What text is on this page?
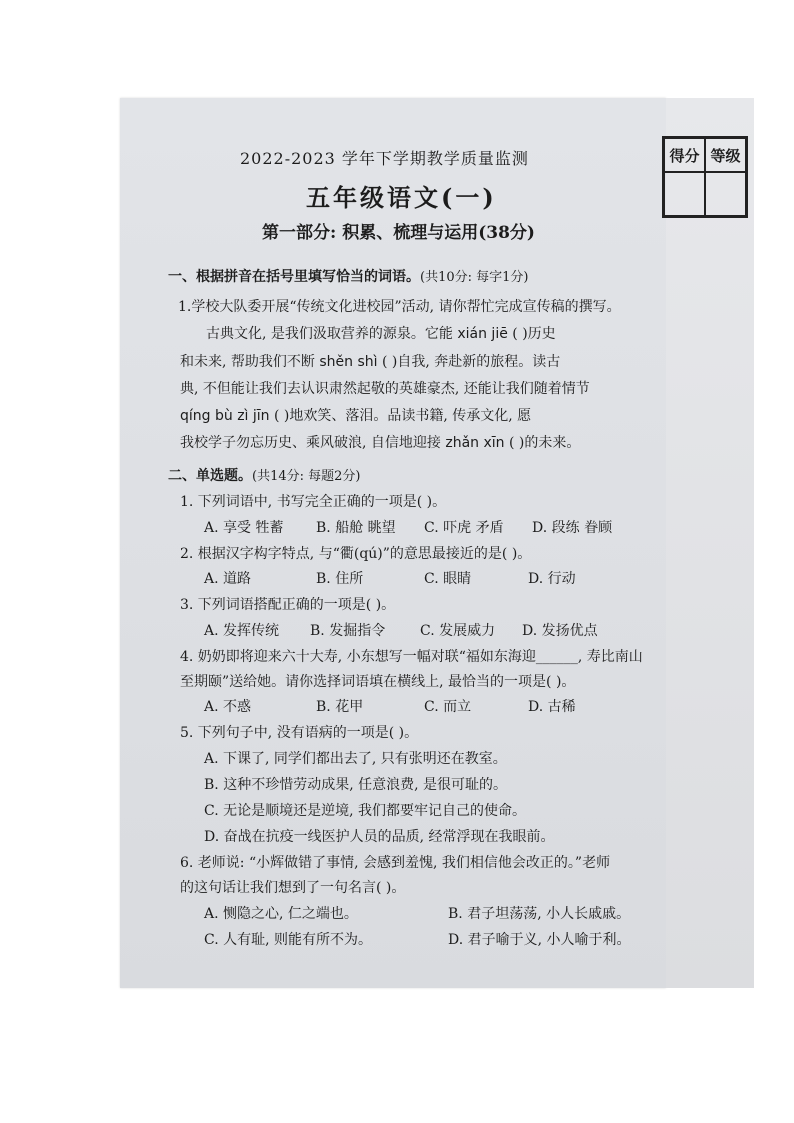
得分 等级
2022-2023 学年下学期教学质量监测
五年级语文(一)
第一部分: 积累、梳理与运用(38分)
一、根据拼音在括号里填写恰当的词语。(共10分: 每字1分)
1.学校大队委开展“传统文化进校园”活动, 请你帮忙完成宣传稿的撰写。
古典文化, 是我们汲取营养的源泉。它能 xián jiē ( )历史
和未来, 帮助我们不断 shěn shì ( )自我, 奔赴新的旅程。读古
典, 不但能让我们去认识肃然起敬的英雄豪杰, 还能让我们随着情节
qíng bù zì jīn ( )地欢笑、落泪。品读书籍, 传承文化, 愿
我校学子勿忘历史、乘风破浪, 自信地迎接 zhǎn xīn ( )的未来。
二、单选题。(共14分: 每题2分)
1. 下列词语中, 书写完全正确的一项是( )。
A. 享受 牲蓄 B. 船舱 眺望 C. 吓虎 矛盾 D. 段练 眷顾
2. 根据汉字构字特点, 与“衢(qú)”的意思最接近的是( )。
A. 道路	B. 住所	C. 眼睛	D. 行动
3. 下列词语搭配正确的一项是( )。
A. 发挥传统 B. 发掘指令 C. 发展威力 D. 发扬优点
4. 奶奶即将迎来六十大寿, 小东想写一幅对联“福如东海迎______, 寿比南山
至期颐”送给她。请你选择词语填在横线上, 最恰当的一项是( )。
A. 不惑	B. 花甲	C. 而立	D. 古稀
5. 下列句子中, 没有语病的一项是( )。
A. 下课了, 同学们都出去了, 只有张明还在教室。
B. 这种不珍惜劳动成果, 任意浪费, 是很可耻的。
C. 无论是顺境还是逆境, 我们都要牢记自己的使命。
D. 奋战在抗疫一线医护人员的品质, 经常浮现在我眼前。
6. 老师说: “小辉做错了事情, 会感到羞愧, 我们相信他会改正的。”老师
的这句话让我们想到了一句名言( )。
A. 恻隐之心, 仁之端也。	B. 君子坦荡荡, 小人长戚戚。
C. 人有耻, 则能有所不为。	D. 君子喻于义, 小人喻于利。
